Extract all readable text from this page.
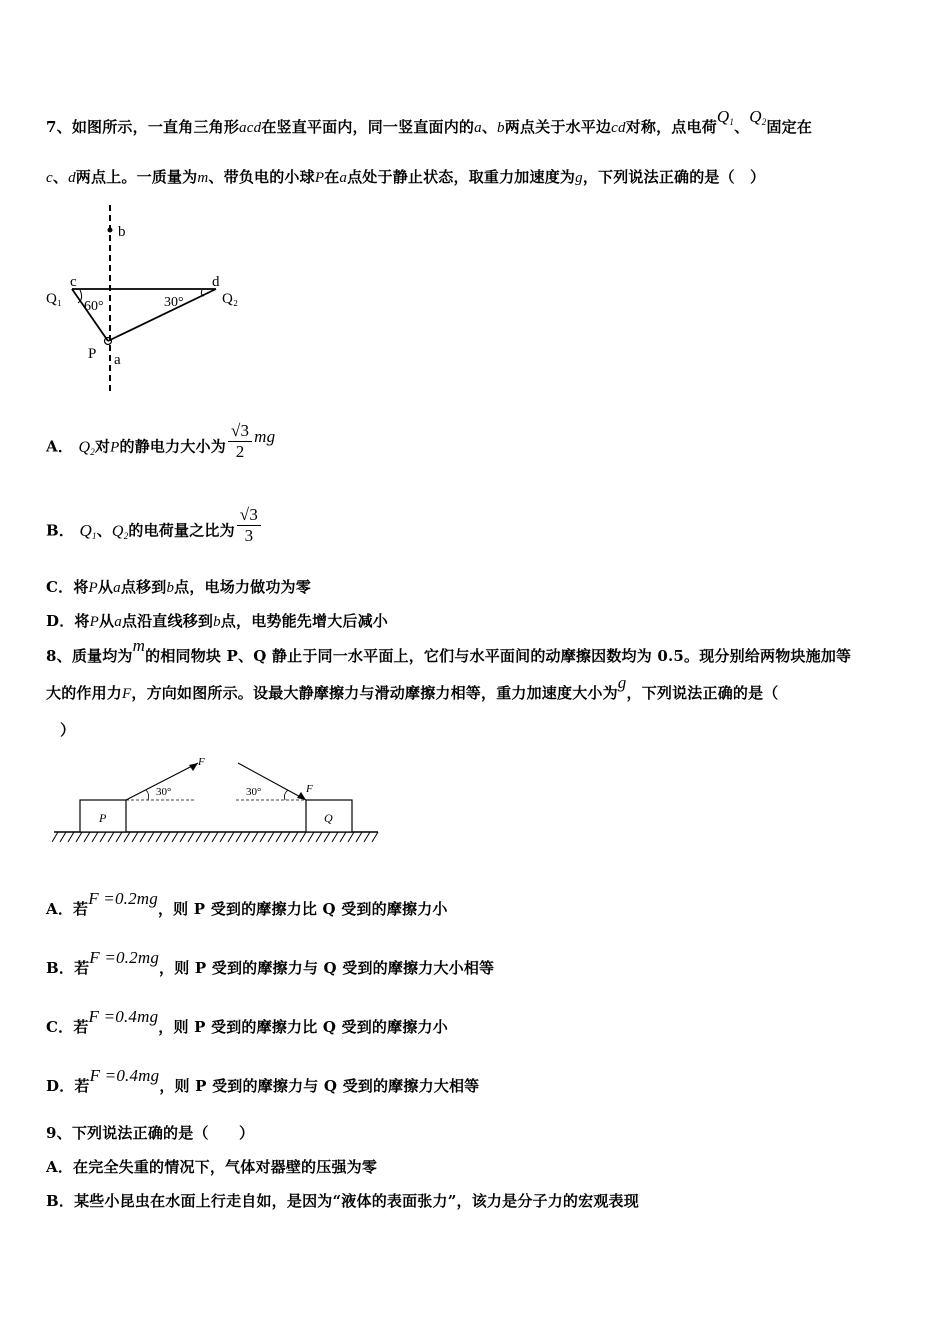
7、如图所示，一直角三角形acd在竖直平面内，同一竖直面内的a、b两点关于水平边cd对称，点电荷$Q_1$、$Q_2$固定在
c、d两点上。一质量为m、带负电的小球P在a点处于静止状态，取重力加速度为g，下列说法正确的是（　）
b
c	d
Q₁	Q₂
60°	30°
P a
A． $Q_2$对P的静电力大小为 $\frac{√3}{2}$ mg
B． $Q_1$、$Q_2$的电荷量之比为 $\frac{√3}{3}$
C．将P从a点移到b点，电场力做功为零
D．将P从a点沿直线移到b点，电势能先增大后减小
8、质量均为m的相同物块 P、Q 静止于同一水平面上，它们与水平面间的动摩擦因数均为 0.5。现分别给两物块施加等
大的作用力F，方向如图所示。设最大静摩擦力与滑动摩擦力相等，重力加速度大小为g，下列说法正确的是（
）
P	Q
30°
F
30°	F
A．若F =0.2mg，则 P 受到的摩擦力比 Q 受到的摩擦力小
B．若F =0.2mg，则 P 受到的摩擦力与 Q 受到的摩擦力大小相等
C．若F =0.4mg，则 P 受到的摩擦力比 Q 受到的摩擦力小
D．若F =0.4mg，则 P 受到的摩擦力与 Q 受到的摩擦力大相等
9、下列说法正确的是（　　）
A．在完全失重的情况下，气体对器壁的压强为零
B．某些小昆虫在水面上行走自如，是因为“液体的表面张力”，该力是分子力的宏观表现
